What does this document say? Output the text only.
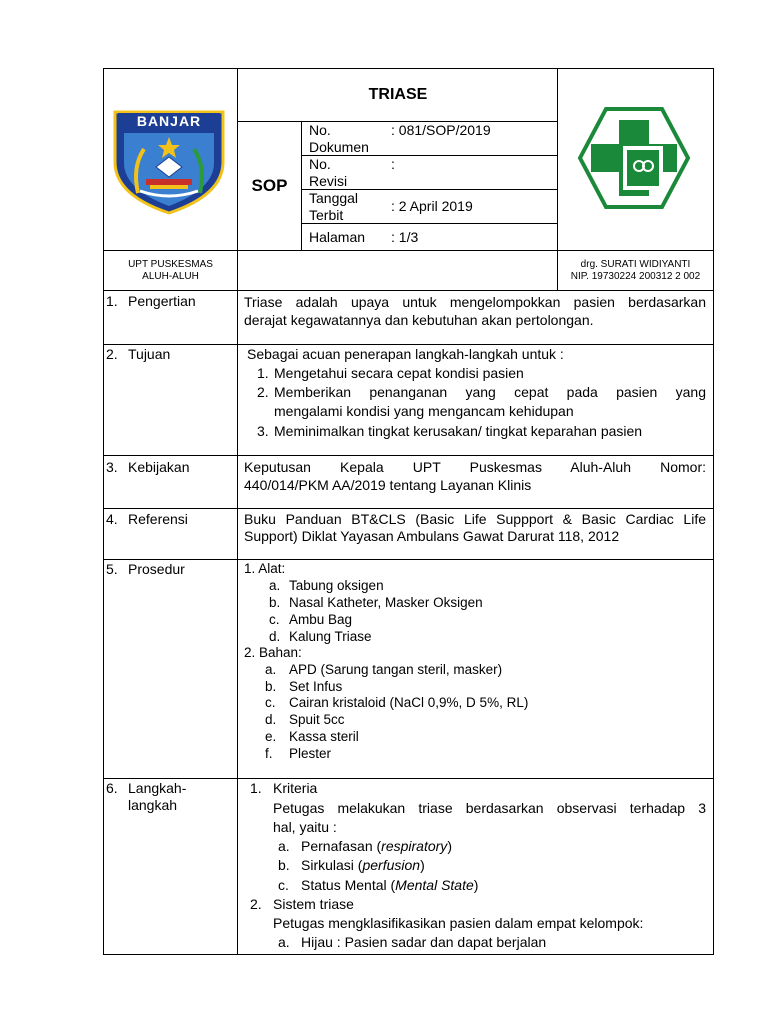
BANJAR
TRIASE
SOP
No.
Dokumen
: 081/SOP/2019
No.
Revisi
:
Tanggal
Terbit
: 2 April 2019
Halaman : 1/3
UPT PUSKESMAS
ALUH-ALUH
drg. SURATI WIDIYANTI
NIP. 19730224 200312 2 002
1. Pengertian
2. Tujuan
3. Kebijakan
4. Referensi
5. Prosedur
6. Langkah-
langkah
Triase adalah upaya untuk mengelompokkan pasien berdasarkan
derajat kegawatannya dan kebutuhan akan pertolongan.
Sebagai acuan penerapan langkah-langkah untuk :
1. Mengetahui secara cepat kondisi pasien
2. Memberikan penanganan yang cepat pada pasien yang
mengalami kondisi yang mengancam kehidupan
3. Meminimalkan tingkat kerusakan/ tingkat keparahan pasien
Keputusan Kepala UPT Puskesmas Aluh-Aluh Nomor:
440/014/PKM AA/2019 tentang Layanan Klinis
Buku Panduan BT&CLS (Basic Life Suppport & Basic Cardiac Life
Support) Diklat Yayasan Ambulans Gawat Darurat 118, 2012
1. Alat:
a. Tabung oksigen
b. Nasal Katheter, Masker Oksigen
c. Ambu Bag
d. Kalung Triase
2. Bahan:
a. APD (Sarung tangan steril, masker)
b. Set Infus
c. Cairan kristaloid (NaCl 0,9%, D 5%, RL)
d. Spuit 5cc
e. Kassa steril
f. Plester
1. Kriteria
Petugas melakukan triase berdasarkan observasi terhadap 3
hal, yaitu :
a. Pernafasan (respiratory)
b. Sirkulasi (perfusion)
c. Status Mental (Mental State)
2. Sistem triase
Petugas mengklasifikasikan pasien dalam empat kelompok:
a. Hijau : Pasien sadar dan dapat berjalan
